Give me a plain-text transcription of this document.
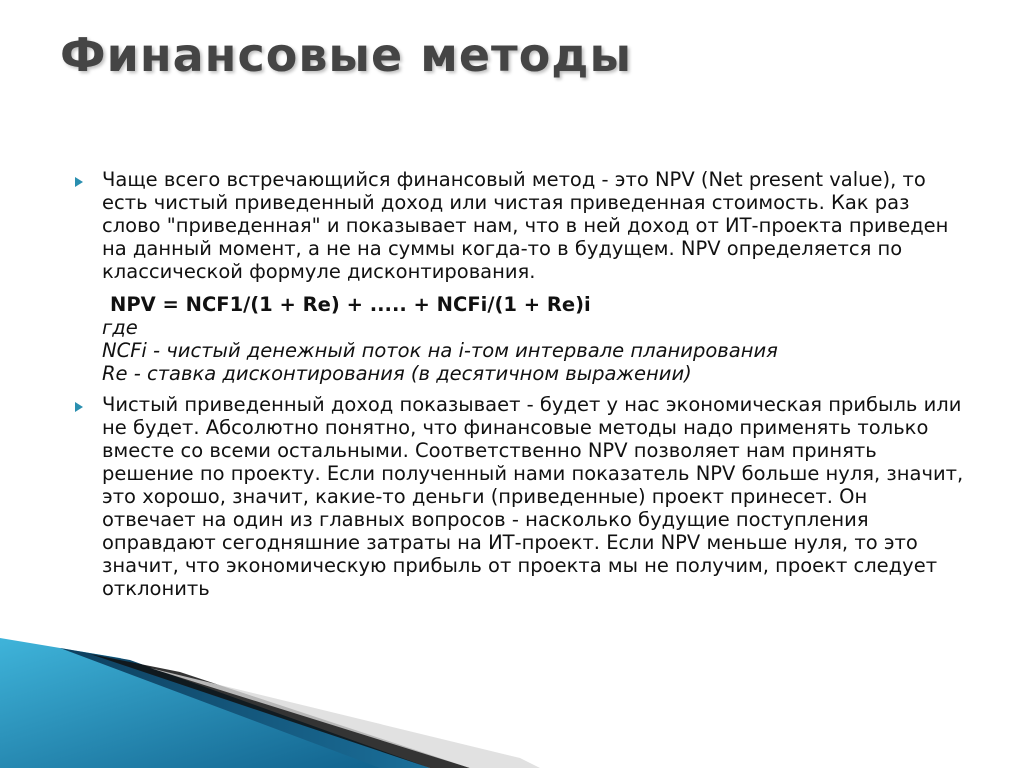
Финансовые методы

Чаще всего встречающийся финансовый метод - это NPV (Net present value), то есть чистый приведенный доход или чистая приведенная стоимость. Как раз слово "приведенная" и показывает нам, что в ней доход от ИТ-проекта приведен на данный момент, а не на суммы когда-то в будущем. NPV определяется по классической формуле дисконтирования.

NPV = NCF1/(1 + Re) + ..... + NCFi/(1 + Re)i

где

NCFi - чистый денежный поток на i-том интервале планирования

Re - ставка дисконтирования (в десятичном выражении)

Чистый приведенный доход показывает - будет у нас экономическая прибыль или не будет. Абсолютно понятно, что финансовые методы надо применять только вместе со всеми остальными. Соответственно NPV позволяет нам принять решение по проекту. Если полученный нами показатель NPV больше нуля, значит, это хорошо, значит, какие-то деньги (приведенные) проект принесет. Он отвечает на один из главных вопросов - насколько будущие поступления оправдают сегодняшние затраты на ИТ-проект. Если NPV меньше нуля, то это значит, что экономическую прибыль от проекта мы не получим, проект следует отклонить
